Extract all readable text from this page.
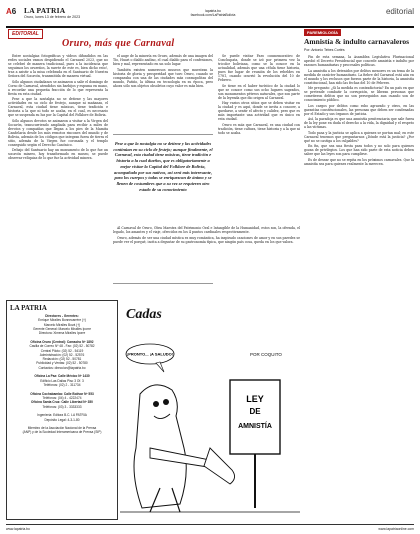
A6 LA PATRIA
Oruro, lunes 13 de febrero de 2023
lapatria.bo
facebook.com/LaPatriaBolivia	editorial
EDITORIAL
Oruro, más que Carnaval

Entre nostalgias fotográficas y vídeos difundidos en las redes sociales vamos despidiendo el Carnaval 2023, que no se celebró de manera tradicional, pues a la incidencia que seguimos los orureños, la suerte de este es, bien dicho esto!, tras a asistir a la misa celebrada en el Santuario de Nuestra Señora del Socavón, transmitida de manera virtual.

Sólo algunos ciudadanos se animaron a salir el domingo de Corso de Carnaval, atendidos sin barbijos y espuma en mano, a recordar una pequeña fracción de lo que representa la fiesta en esta ciudad.

Pese a que la nostalgia no se detiene y las mayores actividades en su ciclo de festejo, aunque ni mañanas, el Carnaval, esta ciudad tiene músicas, tiene tradición e historia a la que ni todo se acaba, en el cual, es necesario que se suspenda su luz por la Capital del Folklore de Bolivia.

Sólo algunos devotos se animaron a visitar a la Virgen del Socavón, transcurriendo ampliada para recibir a miles de devotos y compañías que llegan a los pies de la Mamita Candelaria desde los más remotos rincones del mundo y de Bolivia, además de los códigos que integran fuera de tierra el sitio, además de la Virgen fue coronada y el templo conseguido según el Derecho Canónico.

Debajo del Santuario hay un monumento de lo que fue un socavón minero, hoy transformado en museo, se puede observar reliquias de lo que fue la actividad minera.

el auge de la minería en Oruro, además de una imagen del Tío, Huari o diablo andino, el cual diablo para el confesiones, bien y mal, representado en un solo lugar.

También existen numerosos museos que muestran la historia de gloria y prosperidad que tuvo Oruro, cuando se comparaba con una de las ciudades más cosmopolitas del mundo, Patiño, la última en tecnología en su época, pero ahora sólo son objetos obsoletos cuyo valor es más bien.

Pese a que la nostalgia no se detiene y las actividades continúan en su ciclo de festejo; aunque finalmente, el Carnaval, esta ciudad tiene músicas, tiene tradición e historia a la cual dueños, que es obligatoriamente a mejor visitar la Capital del Folklore de Bolivia, acompañado por sus nativos, así será más interesante, para los cuerpos y todas se enriquezcan de ánimo y se llenen de costumbres que a su vez se requieren otro estado de su conocimiento

Se puede visitar Faro conmemorativo de Conchupata, donde se izó por primera vez la tricolor boliviana, como se la conoce en la actualidad, además que una célula tiene historia, pues fue lugar de reunión de los rebeldes en 1781, cuando ocurrió la revolución del 10 de Febrero.

Se tiene en el haber turístico de la ciudad lo que se conoce como sus ocho lugares sagrados, son monumentos pétreos naturales, que son parte de la leyenda que dio origen al Carnaval.

Hay varios otros sitios que se deben visitar en la ciudad y es aquí, donde se invita a conocer, a quedarse, a sentir el afecto y calidez, pero que es más importante una actividad que es único en esta ciudad.

Oruro es más que Carnaval, es una ciudad con tradición, tiene cultura, tiene historia y a la que ni todo se acaba.

Al Carnaval de Oruro, Obra Maestra del Patrimonio Oral e Intangible de la Humanidad, estos son, la ofrenda, el legado, los amantes y el viaje, ofrecidos en los 4 puntos cardinales respectivamente.

Oruro, además de ser una ciudad mística es muy romántica, ha inspirado canciones de amor y en sus paredes se puede ver el porqué, incita a degustar de su gastronomía típica, que ningún país cosa, queda en los que valora.

PAREMIOLOGÍA
Amnistía & indulto carnavaleros
Por: Antonio Tebes Cortés

Fin de esta semana, la Asamblea Legislativa Plurinacional aprobó el Decreto Presidencial que concede amnistía e indulto por razones humanitarias y procesales políticas.

La amnistía a los detenidos por delitos menores es un tema de la medida de carácter humanitario. La fiebre del Carnaval está aún en el mundo y los reclusos que fueron parte de la historia, la amnistía constitucional, han sido las fechas del 10 de Febrero.

Me pregunto: ¿Si la medida es contradictoria? En un país en que se pretende combatir la corrupción, se liberan personas que cometieron delitos que no son perseguidos aun cuando son de conocimiento público.

Los cargos por delitos como robo agravado y otros, en las garantías constitucionales, las personas que deben ser condenadas por el Estado y sus órganos de justicia.

Así, la paradoja es que una amnistía penitenciaria que sale fuera de la ley pone en duda el derecho a la vida, la dignidad y el respeto a las víctimas.

Todo pasa y la justicia se aplica a quienes se portan mal; en este Carnaval tenemos que preguntarnos ¿Dónde está la justicia? ¿Por qué no se castiga a los culpables?

En fin, que sea una fiesta para todos y no solo para quienes gozan de privilegios. Los que han sido parte de esta noticia deben saber que las leyes son para cumplirse.

Es de desear que no se repita en los próximos carnavales. Que la amnistía sea para quienes realmente la merecen.

LA PATRIA
Directores - Gerentes:
Enrique Miralles Bonnecarrère (†)
Marcelo Miralles Bová (†)
Gerente General: Marcelo Miralles Iporre
Directora: Ximena Miralles Iporre

Oficina Oruro (Central): Camacho Nº 1892
Casilla de Correo Nº 48 - Fax: (02) 52 - 50782
Central Piloto: (02) 52 - 54119
Administración: (02) 52 - 52576
Redacción: (02) 52 - 50781
Publicidad y Ventas: (02) 52 - 50780
Contactos: direccion@lapatria.bo

Oficina La Paz: Calle México Nº 1430
Edificio Las Dalias Piso 3 Of. 3
Teléfonos: (02) 2 - 311734

Oficina Cochabamba: Calle Bolívar Nº 553
Teléfonos: (04) 4 - 4222474
Oficina Santa Cruz: Calle Libertad Nº 350
Teléfonos: (03) 3 - 3333333

Ingeniería: Editora B.C. LA PATRIA
Depósito Legal: 4-3-1-80

Miembro de la Asociación Nacional de la Prensa
(ANP) y de la Sociedad Interamericana de Prensa (SIP)
Cadas
POR COQUITO
¡PRONTO... ¡A SALUDO!
LEY
DE
AMNISTÍA
www.lapatria.bo	www.lapatriaonline.com
